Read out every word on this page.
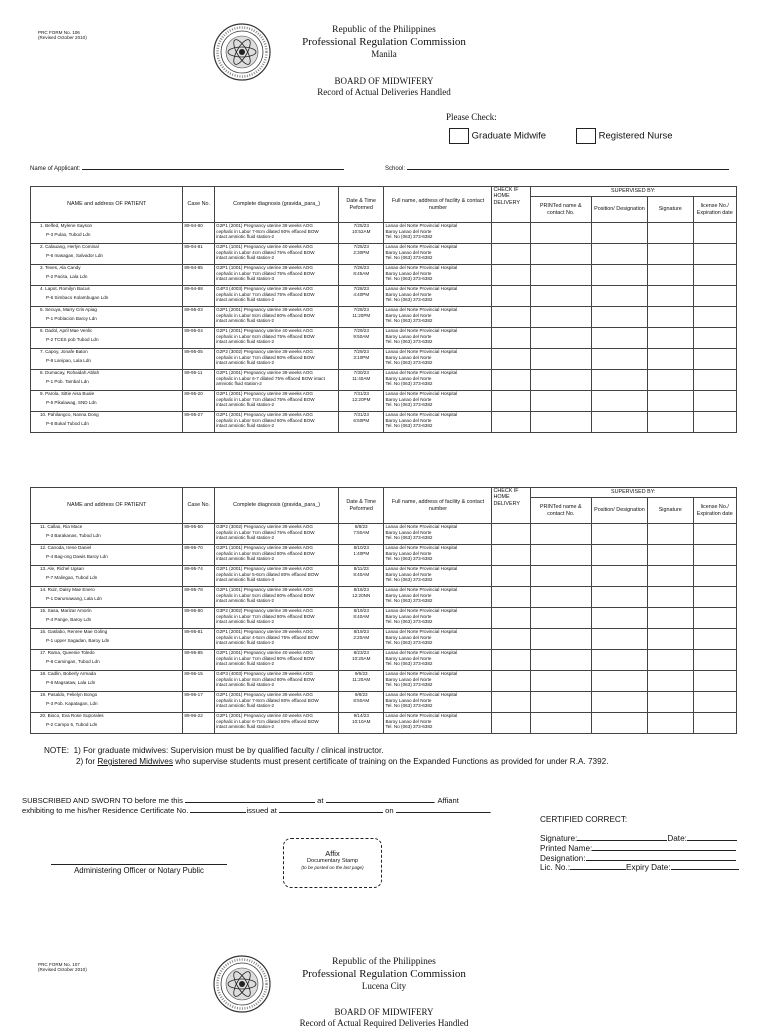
PRC FORM No. 106
(Revised October 2010)
Republic of the Philippines
Professional Regulation Commission
Manila
BOARD OF MIDWIFERY
Record of Actual Deliveries Handled
Please Check:
Graduate Midwife	Registered Nurse
Name of Applicant:	School:
NAME and address OF PATIENT	Case No.	Complete diagnosis (gravida_para_)	Date & Time Peformed	Full name, address of facility & contact number	CHECK IF HOME DELIVERY	SUPERVISED BY:			
						PRINTed name & contact No.	Position/ Designation	Signature	license No./ Expiration date

1. Belfed, Mylene Sayson
P-3 Pulao, Tubod Ldn	89-94-80	G2P1 (2001) Pregnancy uterine 39 weeks AOG
cephalic in Labor 7-8cm dilated 80% effaced BOW
intact amniotic fluid station-2	7/25/23
10:52AM	Lanao del Norte Provincial Hospital
Baroy Lanao del Norte
Tel. No (063) 373-6382					

2. Calauang, Herlyn Cominal
P-6 Inasagan, Salvador Ldn	89-94-81	G2P1 (1001) Pregnancy uterine 40 weeks AOG
cephalic in Labor 4cm dilated 75% effaced BOW
intact amniotic fluid station-2	7/25/23
2:30PM	Lanao del Norte Provincial Hospital
Baroy Lanao del Norte
Tel. No (063) 373-6382					

3. Teves, Ala Candy
P-2 Pacita, Lala Ldn	89-94-85	G2P1 (1001) Pregnancy uterine 39 weeks AOG
cephalic in Labor 7cm dilated 75% effaced BOW
intact amniotic fluid station-3	7/26/23
8:45AM	Lanao del Norte Provincial Hospital
Baroy Lanao del Norte
Tel. No (063) 373-6382					

4. Lapot, Romilyn Bacus
P-6 Simbaco Kolambugan Ldn	89-94-88	G4P3 (4003) Pregnancy uterine 39 weeks AOG
cephalic in Labor 7cm dilated 75% effaced BOW
intact amniotic fluid station-2	7/28/23
4:40PM	Lanao del Norte Provincial Hospital
Baroy Lanao del Norte
Tel. No (063) 373-6382					

5. Secuya, Marry Cris Apiag
P-1 Poblacion Baroy Ldn	89-95-03	G2P1 (2001) Pregnancy uterine 39 weeks AOG
cephalic in Labor 8cm dilated 80% effaced BOW
intact amniotic fluid station-2	7/28/23
11:20PM	Lanao del Norte Provincial Hospital
Baroy Lanao del Norte
Tel. No (063) 373-6382					

6. Dadol, April Mae Venlic
P-2 TCES pob Tubod Ldn	89-95-04	G2P1 (2001) Pregnancy uterine 40 weeks AOG
cephalic in Labor 6cm dilated 75% effaced BOW
intact amniotic fluid station-2	7/29/23
9:50AM	Lanao del Norte Provincial Hospital
Baroy Lanao del Norte
Tel. No (063) 373-6382					

7. Capoy, Jonafe Baton
P-8 Lanipao, Lala Ldn	89-95-05	G2P2 (3002) Pregnancy uterine 39 weeks AOG
cephalic in Labor 7cm dilated 80% effaced BOW
intact amniotic fluid station-2	7/29/23
3:10PM	Lanao del Norte Provincial Hospital
Baroy Lanao del Norte
Tel. No (063) 373-6382					

8. Dumacay, Rohaidah Ablah
P-1 Pob. Tambal Ldn	89-95-11	G2P1 (2001) Pregnancy uterine 39 weeks AOG
cephalic in Labor 6-7 dilated 75% effaced BOW intact
amniotic fluid station-2	7/30/23
11:40AM	Lanao del Norte Provincial Hospital
Baroy Lanao del Norte
Tel. No (063) 373-6382					

9. Parola, Sittie Aisa Buale
P-5 Pikalawag, SND Ldn	89-95-20	G2P1 (2001) Pregnancy uterine 39 weeks AOG
cephalic in Labor 7cm dilated 75% effaced BOW
intact amniotic fluid station-2	7/31/23
12:20PM	Lanao del Norte Provincial Hospital
Baroy Lanao del Norte
Tel. No (063) 373-6382					

10. Pahilangco, Nanna Dong
P-6 Bukal Tubod Ldn	89-95-27	G2P1 (2001) Pregnancy uterine 39 weeks AOG
cephalic in Labor 5cm dilated 80% effaced BOW
intact amniotic fluid station-2	7/31/23
6:50PM	Lanao del Norte Provincial Hospital
Baroy Lanao del Norte
Tel. No (063) 373-6382					

NAME and address OF PATIENT	Case No.	Complete diagnosis (gravida_para_)	Date & Time Peformed	Full name, address of facility & contact number	CHECK IF HOME DELIVERY	SUPERVISED BY:			
						PRINTed name & contact No.	Position/ Designation	Signature	license No./ Expiration date

11. Callao, Ria Mace
P-3 Barakanas, Tubod Ldn	89-95-50	G3P2 (3002) Pregnancy uterine 39 weeks AOG
cephalic in Labor 7cm dilated 75% effaced BOW
intact amniotic fluid station-2	8/8/23
7:50AM	Lanao del Norte Provincial Hospital
Baroy Lanao del Norte
Tel. No (063) 373-6382					

12. Canoda, Irene Daniel
P-4 Bag-ong Dawis Baroy Ldn	89-95-70	G2P1 (1001) Pregnancy uterine 39 weeks AOG
cephalic in Labor 8cm dilated 80% effaced BOW
intact amniotic fluid station-2	8/10/23
1:40PM	Lanao del Norte Provincial Hospital
Baroy Lanao del Norte
Tel. No (063) 373-6382					

13. Ale, Richel Ugsan
P-7 Malingao, Tubod Ldn	89-95-74	G2P1 (2001) Pregnancy uterine 39 weeks AOG
cephalic in Labor 5-6cm dilated 80% effaced BOW
intact amniotic fluid station-3	8/11/23
8:40AM	Lanao del Norte Provincial Hospital
Baroy Lanao del Norte
Tel. No (063) 373-6382					

14. Ruiz, Daisy Mae Enero
P-1 Darumawang, Lala Ldn	89-95-78	G2P1 (1001) Pregnancy uterine 39 weeks AOG
cephalic in Labor 5cm dilated 80% effaced BOW
intact amniotic fluid station-2	8/16/23
12:20NN	Lanao del Norte Provincial Hospital
Baroy Lanao del Norte
Tel. No (063) 373-6382					

15. Sasa, Marizar Amorin
P-4 Pange, Baroy Ldn	89-95-80	G3P2 (3002) Pregnancy uterine 39 weeks AOG
cephalic in Labor 7cm dilated 80% effaced BOW
intact amniotic fluid station-2	8/19/23
8:40AM	Lanao del Norte Provincial Hospital
Baroy Lanao del Norte
Tel. No (063) 373-6382					

16. Gaslabo, Renree Mae Goling
P-1 upper Sagadan, Baroy Ldn	89-95-81	G2P1 (2001) Pregnancy uterine 39 weeks AOG
cephalic in Labor 4-5cm dilated 75% effaced BOW
intact amniotic fluid station-2	8/19/23
2:20AM	Lanao del Norte Provincial Hospital
Baroy Lanao del Norte
Tel. No (063) 373-6382					

17. Rama, Queenie Toledo
P-8 Camingan, Tubod Ldn	89-95-85	G2P1 (2001) Pregnancy uterine 40 weeks AOG
cephalic in Labor 7cm dilated 80% effaced BOW
intact amniotic fluid station-2	8/23/23
10:25AM	Lanao del Norte Provincial Hospital
Baroy Lanao del Norte
Tel. No (063) 373-6382					

18. Cadlin, Boberly Armada
P-6 Magsataw, Lala Ldn	89-96-15	G4P3 (4003) Pregnancy uterine 39 weeks AOG
cephalic in Labor 8cm dilated 80% effaced BOW
intact amniotic fluid station-2	9/6/23
11:20AM	Lanao del Norte Provincial Hospital
Baroy Lanao del Norte
Tel. No (063) 373-6382					

19. Pasaldo, Felielyn Bongo
P-3 Pob. Kapatagan, Ldn	89-96-17	G2P1 (2001) Pregnancy uterine 39 weeks AOG
cephalic in Labor 7-8cm dilated 80% effaced BOW
intact amniotic fluid station-2	9/8/23
8:50AM	Lanao del Norte Provincial Hospital
Baroy Lanao del Norte
Tel. No (063) 373-6382					

20. Bioco, Eva Rose Suporales
P-2 Campo 5, Tubod Ldn	89-96-22	G2P1 (2001) Pregnancy uterine 40 weeks AOG
cephalic in Labor 6-7cm dilated 80% effaced BOW
intact amniotic fluid station-2	9/14/23
10:10AM	Lanao del Norte Provincial Hospital
Baroy Lanao del Norte
Tel. No (063) 373-6382					

NOTE: 1) For graduate midwives: Supervision must be by qualified faculty / clinical instructor.
2) for Registered Midwives who supervise students must present certificate of training on the Expanded Functions as provided for under R.A. 7392.
SUBSCRIBED AND SWORN TO before me this	at	. Affiant
exhibiting to me his/her Residence Certificate No.	issued at	on	.
Affix
Documentary Stamp
(to be posted on the last page)
Administering Officer or Notary Public
CERTIFIED CORRECT:
Signature:	Date:
Printed Name:
Designation:
Lic. No.:	Expiry Date:
PRC FORM No. 107
(Revised October 2010)
Republic of the Philippines
Professional Regulation Commission
Lucena City
BOARD OF MIDWIFERY
Record of Actual Required Deliveries Handled
